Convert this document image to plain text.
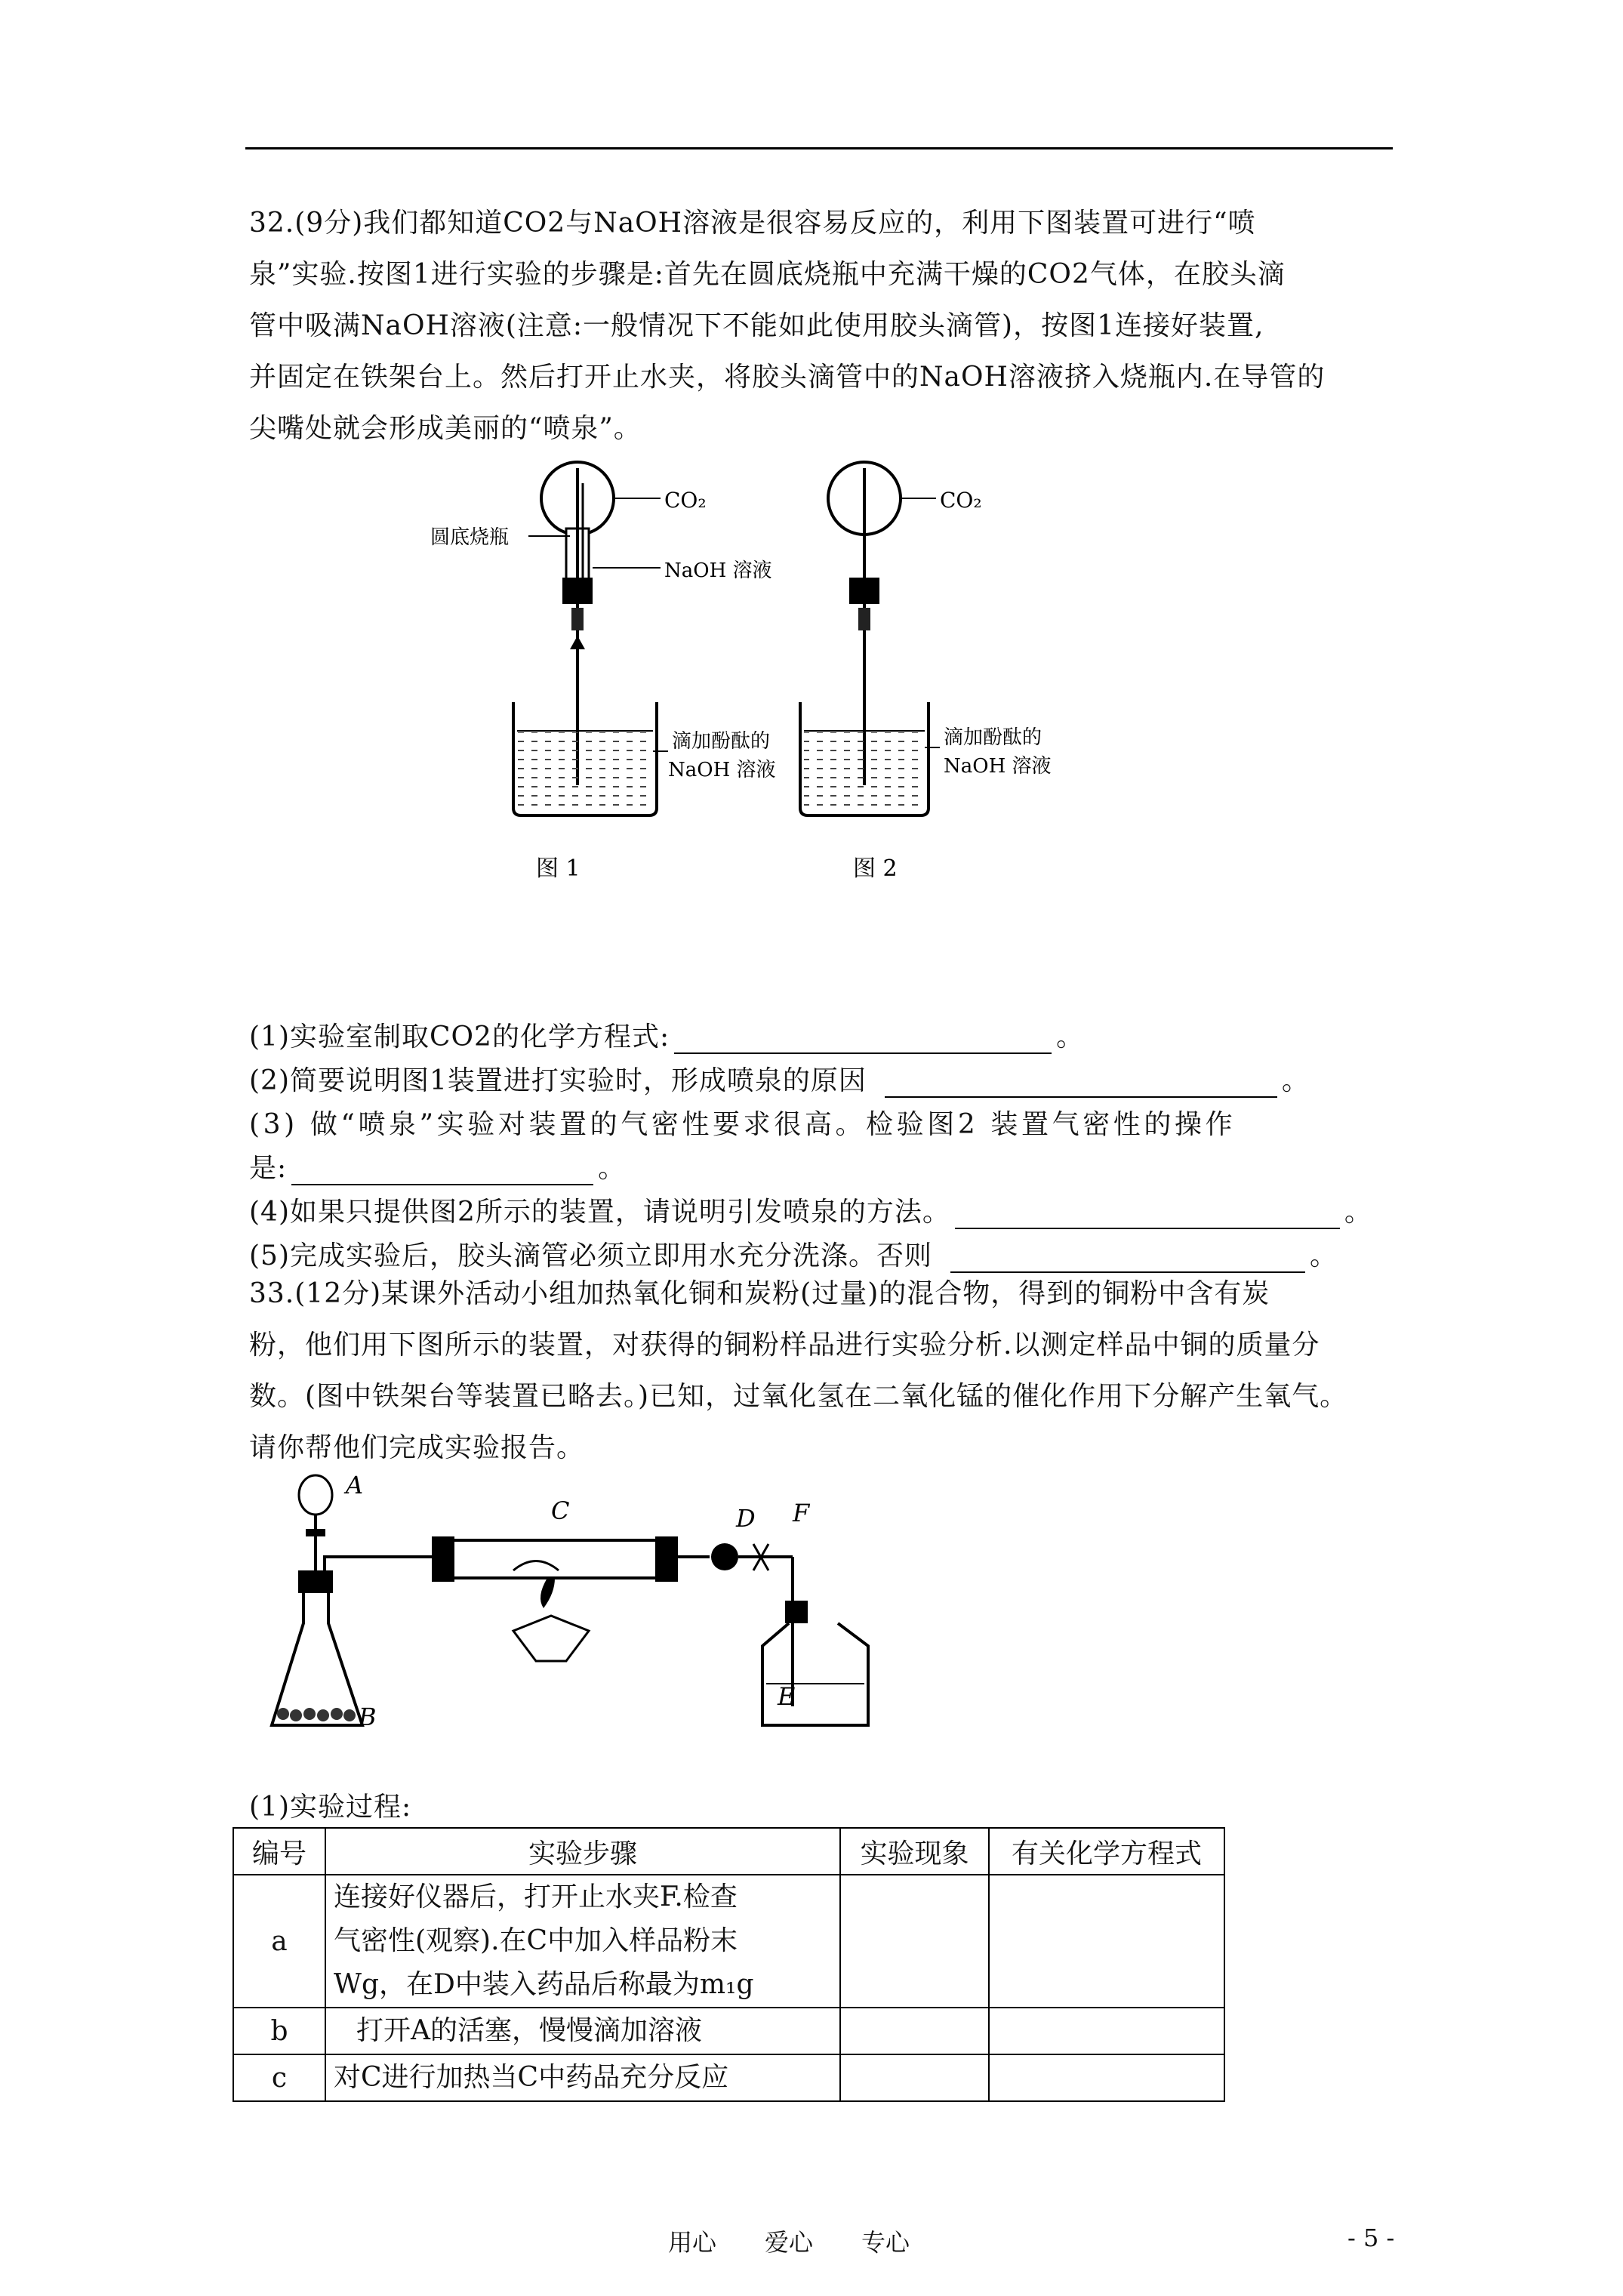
32.(9分)我们都知道CO2与NaOH溶液是很容易反应的，利用下图装置可进行“喷
泉”实验.按图1进行实验的步骤是:首先在圆底烧瓶中充满干燥的CO2气体，在胶头滴
管中吸满NaOH溶液(注意:一般情况下不能如此使用胶头滴管)，按图1连接好装置,
并固定在铁架台上。然后打开止水夹，将胶头滴管中的NaOH溶液挤入烧瓶内.在导管的
尖嘴处就会形成美丽的“喷泉”。
CO₂
圆底烧瓶
NaOH 溶液
滴加酚酞的
NaOH 溶液
图 1
CO₂
滴加酚酞的
NaOH 溶液
图 2
(1)实验室制取CO2的化学方程式:	。
(2)简要说明图1装置进打实验时，形成喷泉的原因	。
(3) 做“喷泉”实验对装置的气密性要求很高。检验图2 装置气密性的操作
是:	。
(4)如果只提供图2所示的装置，请说明引发喷泉的方法。	。
(5)完成实验后，胶头滴管必须立即用水充分洗涤。否则	。
33.(12分)某课外活动小组加热氧化铜和炭粉(过量)的混合物，得到的铜粉中含有炭
粉，他们用下图所示的装置，对获得的铜粉样品进行实验分析.以测定样品中铜的质量分
数。(图中铁架台等装置已略去。)已知，过氧化氢在二氧化锰的催化作用下分解产生氧气。
请你帮他们完成实验报告。
A
B
C	D F
E
(1)实验过程:
编号	实验步骤	实验现象	有关化学方程式
a	连接好仪器后，打开止水夹F.检查
气密性(观察).在C中加入样品粉末
Wg，在D中装入药品后称最为m₁g		

b	打开A的活塞，慢慢滴加溶液		

c	对C进行加热当C中药品充分反应		

用心　　爱心　　专心	- 5 -
